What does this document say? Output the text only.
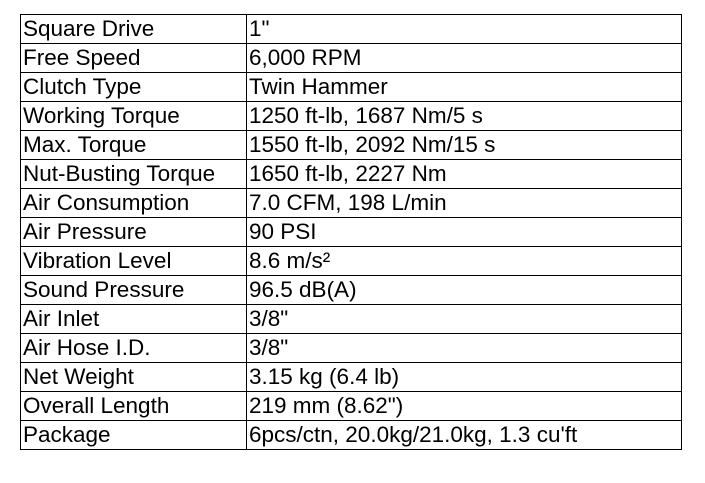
Square Drive	1"
Free Speed	6,000 RPM
Clutch Type	Twin Hammer
Working Torque	1250 ft-lb, 1687 Nm/5 s
Max. Torque	1550 ft-lb, 2092 Nm/15 s
Nut-Busting Torque	1650 ft-lb, 2227 Nm
Air Consumption	7.0 CFM, 198 L/min
Air Pressure	90 PSI
Vibration Level	8.6 m/s²
Sound Pressure	96.5 dB(A)
Air Inlet	3/8"
Air Hose I.D.	3/8"
Net Weight	3.15 kg (6.4 lb)
Overall Length	219 mm (8.62")
Package	6pcs/ctn, 20.0kg/21.0kg, 1.3 cu'ft
